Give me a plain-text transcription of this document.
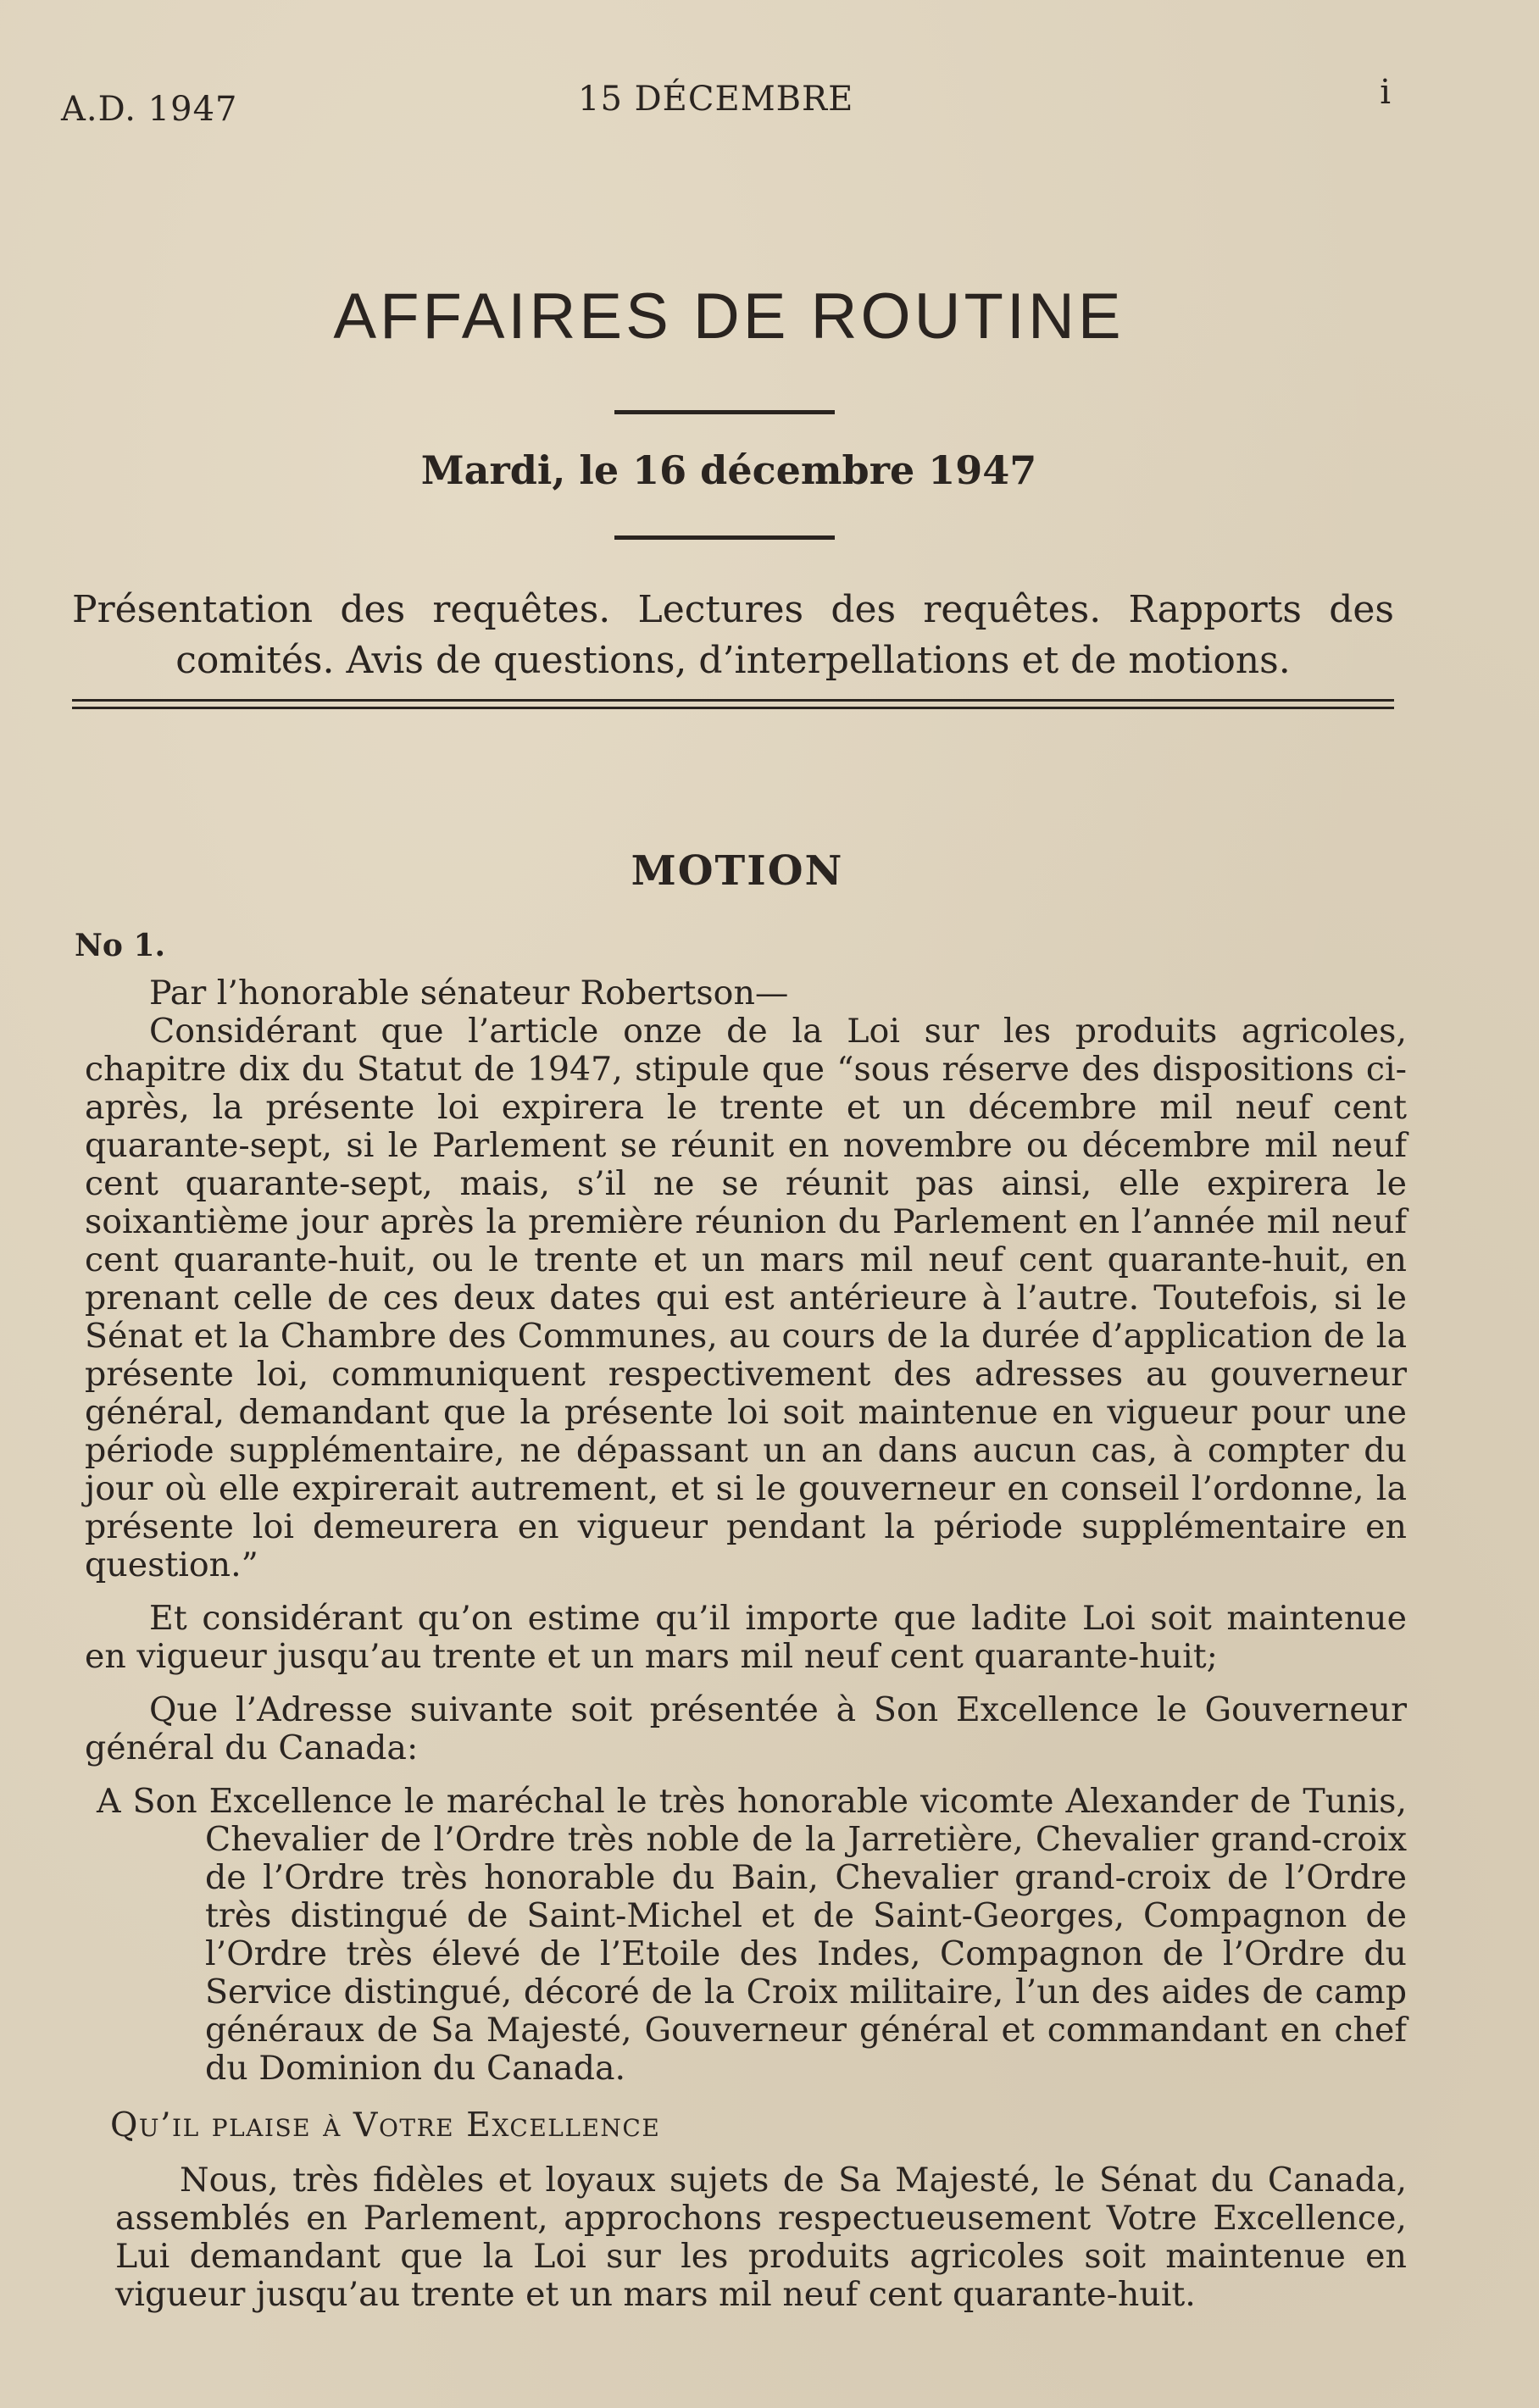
A.D. 1947	15 DÉCEMBRE	i
AFFAIRES DE ROUTINE
Mardi, le 16 décembre 1947

Présentation des requêtes. Lectures des requêtes. Rapports des comités. Avis de questions, d’interpellations et de motions.

MOTION

No 1.

Par l’honorable sénateur Robertson—

Considérant que l’article onze de la Loi sur les produits agricoles, chapitre dix du Statut de 1947, stipule que “sous réserve des dispositions ci-après, la présente loi expirera le trente et un décembre mil neuf cent quarante-sept, si le Parlement se réunit en novembre ou décembre mil neuf cent quarante-sept, mais, s’il ne se réunit pas ainsi, elle expirera le soixantième jour après la première réunion du Parlement en l’année mil neuf cent quarante-huit, ou le trente et un mars mil neuf cent quarante-huit, en prenant celle de ces deux dates qui est antérieure à l’autre. Toutefois, si le Sénat et la Chambre des Communes, au cours de la durée d’application de la présente loi, communiquent respectivement des adresses au gouverneur général, demandant que la présente loi soit maintenue en vigueur pour une période supplémentaire, ne dépassant un an dans aucun cas, à compter du jour où elle expirerait autrement, et si le gouverneur en conseil l’ordonne, la présente loi demeurera en vigueur pendant la période supplémentaire en question.”

Et considérant qu’on estime qu’il importe que ladite Loi soit maintenue en vigueur jusqu’au trente et un mars mil neuf cent quarante-huit;

Que l’Adresse suivante soit présentée à Son Excellence le Gouverneur général du Canada:

A Son Excellence le maréchal le très honorable vicomte Alexander de Tunis, Chevalier de l’Ordre très noble de la Jarretière, Chevalier grand-croix de l’Ordre très honorable du Bain, Chevalier grand-croix de l’Ordre très distingué de Saint-Michel et de Saint-Georges, Compagnon de l’Ordre très élevé de l’Etoile des Indes, Compagnon de l’Ordre du Service distingué, décoré de la Croix militaire, l’un des aides de camp généraux de Sa Majesté, Gouverneur général et commandant en chef du Dominion du Canada.

Qu’il plaise à Votre Excellence

Nous, très fidèles et loyaux sujets de Sa Majesté, le Sénat du Canada, assemblés en Parlement, approchons respectueusement Votre Excellence, Lui demandant que la Loi sur les produits agricoles soit maintenue en vigueur jusqu’au trente et un mars mil neuf cent quarante-huit.
